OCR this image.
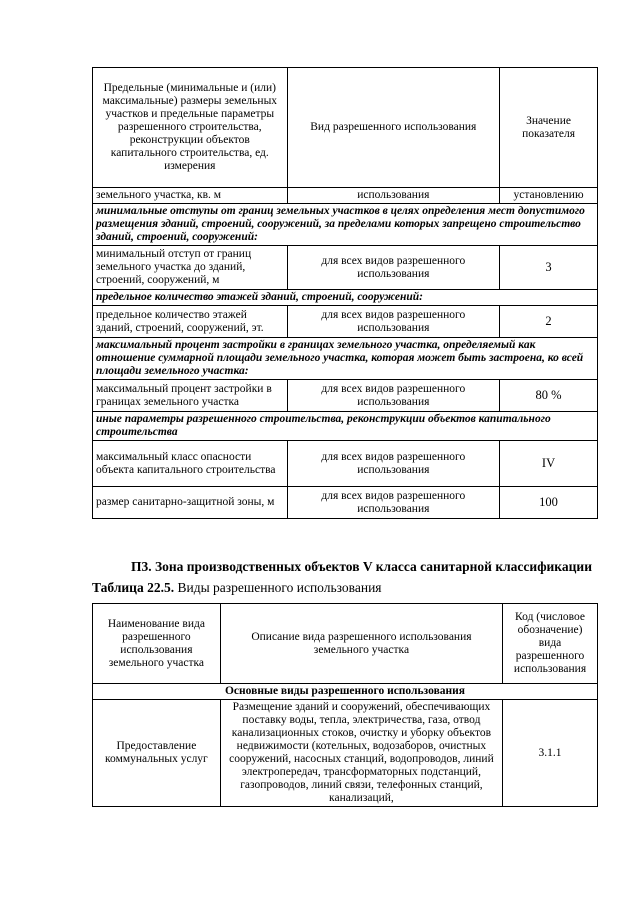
Предельные (минимальные и (или) максимальные) размеры земельных участков и предельные параметры разрешенного строительства, реконструкции объектов капитального строительства, ед. измерения	Вид разрешенного использования	Значение показателя
земельного участка, кв. м	использования	установлению
минимальные отступы от границ земельных участков в целях определения мест допустимого размещения зданий, строений, сооружений, за пределами которых запрещено строительство зданий, строений, сооружений:		
минимальный отступ от границ земельного участка до зданий, строений, сооружений, м	для всех видов разрешенного использования	3
предельное количество этажей зданий, строений, сооружений:		
предельное количество этажей зданий, строений, сооружений, эт.	для всех видов разрешенного использования	2
максимальный процент застройки в границах земельного участка, определяемый как отношение суммарной площади земельного участка, которая может быть застроена, ко всей площади земельного участка:		
максимальный процент застройки в границах земельного участка	для всех видов разрешенного использования	80 %
иные параметры разрешенного строительства, реконструкции объектов капитального строительства		
максимальный класс опасности объекта капитального строительства	для всех видов разрешенного использования	IV
размер санитарно-защитной зоны, м	для всех видов разрешенного использования	100
П3. Зона производственных объектов V класса санитарной классификации
Таблица 22.5. Виды разрешенного использования
Наименование вида разрешенного использования земельного участка	Описание вида разрешенного использования земельного участка	Код (числовое обозначение) вида разрешенного использования
Основные виды разрешенного использования		
Предоставление коммунальных услуг	Размещение зданий и сооружений, обеспечивающих поставку воды, тепла, электричества, газа, отвод канализационных стоков, очистку и уборку объектов недвижимости (котельных, водозаборов, очистных сооружений, насосных станций, водопроводов, линий электропередач, трансформаторных подстанций, газопроводов, линий связи, телефонных станций, канализаций,	3.1.1
